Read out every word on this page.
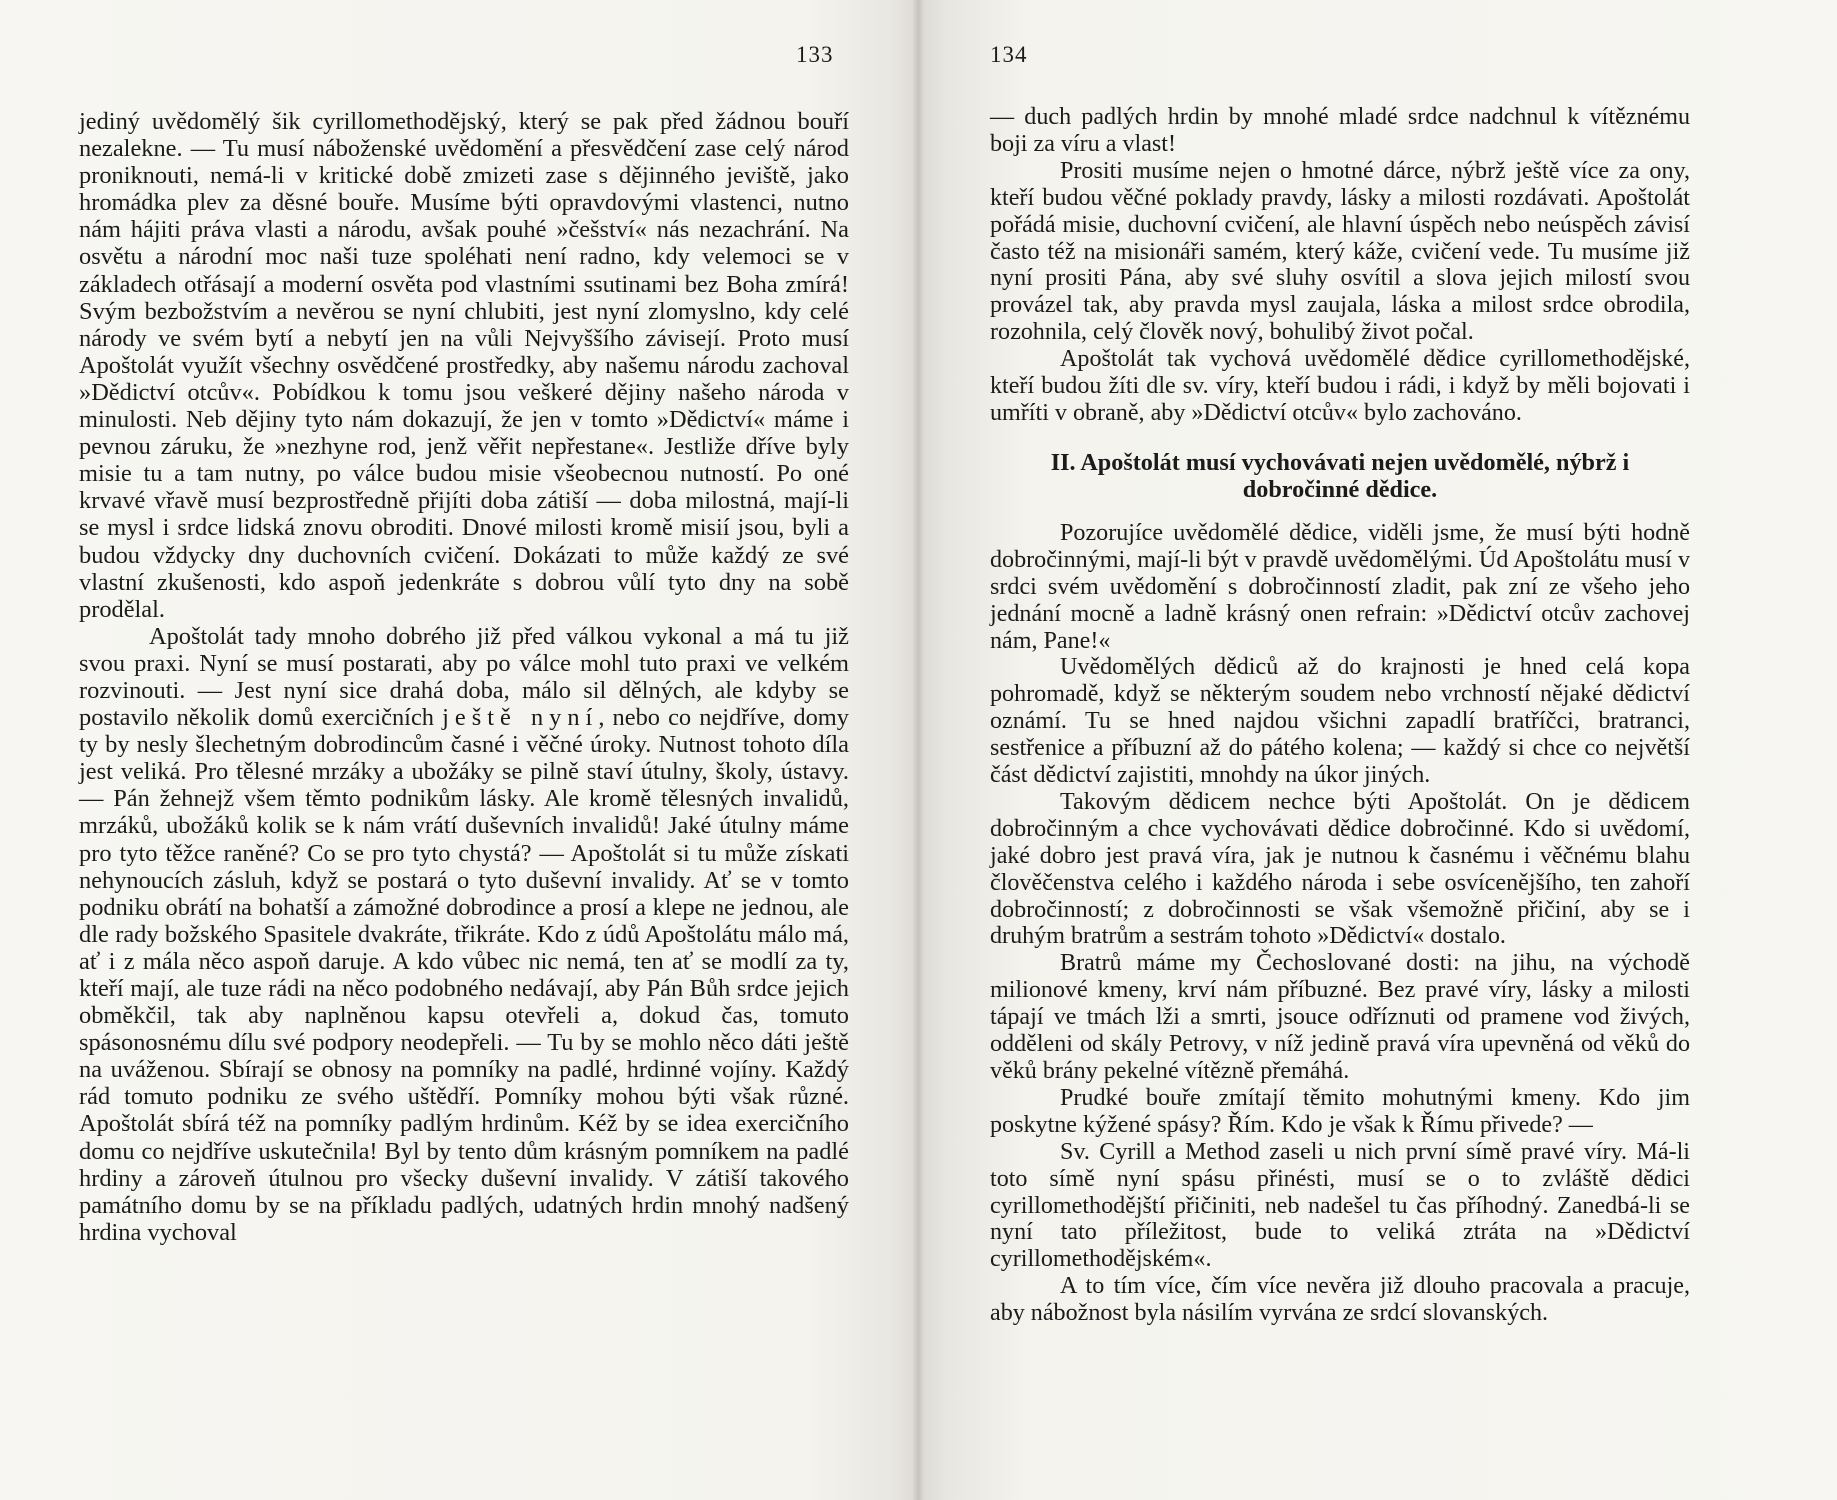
133

jediný uvědomělý šik cyrillomethodějský, který se pak před žádnou bouří nezalekne. — Tu musí náboženské uvědomění a přesvědčení zase celý národ proniknouti, nemá-li v kritické době zmizeti zase s dějinného jeviště, jako hromádka plev za děsné bouře. Musíme býti opravdovými vlastenci, nutno nám hájiti práva vlasti a národu, avšak pouhé »češství« nás nezachrání. Na osvětu a národní moc naši tuze spoléhati není radno, kdy velemoci se v základech otřásají a moderní osvěta pod vlastními ssutinami bez Boha zmírá! Svým bezbožstvím a nevěrou se nyní chlubiti, jest nyní zlomyslno, kdy celé národy ve svém bytí a nebytí jen na vůli Nejvyššího závisejí. Proto musí Apoštolát využít všechny osvědčené prostředky, aby našemu národu zachoval »Dědictví otcův«. Pobídkou k tomu jsou veškeré dějiny našeho národa v minulosti. Neb dějiny tyto nám dokazují, že jen v tomto »Dědictví« máme i pevnou záruku, že »nezhyne rod, jenž věřit nepřestane«. Jestliže dříve byly misie tu a tam nutny, po válce budou misie všeobecnou nutností. Po oné krvavé vřavě musí bezprostředně přijíti doba zátiší — doba milostná, mají-li se mysl i srdce lidská znovu obroditi. Dnové milosti kromě misií jsou, byli a budou vždycky dny duchovních cvičení. Dokázati to může každý ze své vlastní zkušenosti, kdo aspoň jedenkráte s dobrou vůlí tyto dny na sobě prodělal.

Apoštolát tady mnoho dobrého již před válkou vykonal a má tu již svou praxi. Nyní se musí postarati, aby po válce mohl tuto praxi ve velkém rozvinouti. — Jest nyní sice drahá doba, málo sil dělných, ale kdyby se postavilo několik domů exercičních ještě nyní, nebo co nejdříve, domy ty by nesly šlechetným dobrodincům časné i věčné úroky. Nutnost tohoto díla jest veliká. Pro tělesné mrzáky a ubožáky se pilně staví útulny, školy, ústavy. — Pán žehnejž všem těmto podnikům lásky. Ale kromě tělesných invalidů, mrzáků, ubožáků kolik se k nám vrátí duševních invalidů! Jaké útulny máme pro tyto těžce raněné? Co se pro tyto chystá? — Apoštolát si tu může získati nehynoucích zásluh, když se postará o tyto duševní invalidy. Ať se v tomto podniku obrátí na bohatší a zámožné dobrodince a prosí a klepe ne jednou, ale dle rady božského Spasitele dvakráte, třikráte. Kdo z údů Apoštolátu málo má, ať i z mála něco aspoň daruje. A kdo vůbec nic nemá, ten ať se modlí za ty, kteří mají, ale tuze rádi na něco podobného nedávají, aby Pán Bůh srdce jejich obměkčil, tak aby naplněnou kapsu otevřeli a, dokud čas, tomuto spásonosnému dílu své podpory neodepřeli. — Tu by se mohlo něco dáti ještě na uváženou. Sbírají se obnosy na pomníky na padlé, hrdinné vojíny. Každý rád tomuto podniku ze svého uštědří. Pomníky mohou býti však různé. Apoštolát sbírá též na pomníky padlým hrdinům. Kéž by se idea exercičního domu co nejdříve uskutečnila! Byl by tento dům krásným pomníkem na padlé hrdiny a zároveň útulnou pro všecky duševní invalidy. V zátiší takového památního domu by se na příkladu padlých, udatných hrdin mnohý nadšený hrdina vychoval

134

— duch padlých hrdin by mnohé mladé srdce nadchnul k vítěznému boji za víru a vlast!

Prositi musíme nejen o hmotné dárce, nýbrž ještě více za ony, kteří budou věčné poklady pravdy, lásky a milosti rozdávati. Apoštolát pořádá misie, duchovní cvičení, ale hlavní úspěch nebo neúspěch závisí často též na misionáři samém, který káže, cvičení vede. Tu musíme již nyní prositi Pána, aby své sluhy osvítil a slova jejich milostí svou provázel tak, aby pravda mysl zaujala, láska a milost srdce obrodila, rozohnila, celý člověk nový, bohulibý život počal.

Apoštolát tak vychová uvědomělé dědice cyrillomethodějské, kteří budou žíti dle sv. víry, kteří budou i rádi, i když by měli bojovati i umříti v obraně, aby »Dědictví otcův« bylo zachováno.

II. Apoštolát musí vychovávati nejen uvědomělé, nýbrž i dobročinné dědice.

Pozorujíce uvědomělé dědice, viděli jsme, že musí býti hodně dobročinnými, mají-li být v pravdě uvědomělými. Úd Apoštolátu musí v srdci svém uvědomění s dobročinností zladit, pak zní ze všeho jeho jednání mocně a ladně krásný onen refrain: »Dědictví otcův zachovej nám, Pane!«

Uvědomělých dědiců až do krajnosti je hned celá kopa pohromadě, když se některým soudem nebo vrchností nějaké dědictví oznámí. Tu se hned najdou všichni zapadlí bratříčci, bratranci, sestřenice a příbuzní až do pátého kolena; — každý si chce co největší část dědictví zajistiti, mnohdy na úkor jiných.

Takovým dědicem nechce býti Apoštolát. On je dědicem dobročinným a chce vychovávati dědice dobročinné. Kdo si uvědomí, jaké dobro jest pravá víra, jak je nutnou k časnému i věčnému blahu člověčenstva celého i každého národa i sebe osvícenějšího, ten zahoří dobročinností; z dobročinnosti se však všemožně přičiní, aby se i druhým bratrům a sestrám tohoto »Dědictví« dostalo.

Bratrů máme my Čechoslované dosti: na jihu, na východě milionové kmeny, krví nám příbuzné. Bez pravé víry, lásky a milosti tápají ve tmách lži a smrti, jsouce odříznuti od pramene vod živých, odděleni od skály Petrovy, v níž jedině pravá víra upevněná od věků do věků brány pekelné vítězně přemáhá.

Prudké bouře zmítají těmito mohutnými kmeny. Kdo jim poskytne kýžené spásy? Řím. Kdo je však k Římu přivede? —

Sv. Cyrill a Method zaseli u nich první símě pravé víry. Má-li toto símě nyní spásu přinésti, musí se o to zvláště dědici cyrillomethodějští přičiniti, neb nadešel tu čas příhodný. Zanedbá-li se nyní tato příležitost, bude to veliká ztráta na »Dědictví cyrillomethodějském«.

A to tím více, čím více nevěra již dlouho pracovala a pracuje, aby nábožnost byla násilím vyrvána ze srdcí slovanských.
